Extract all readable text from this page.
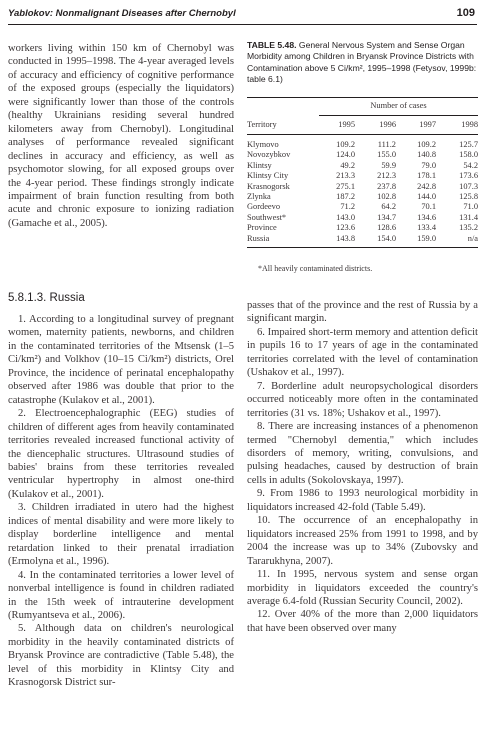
Yablokov: Nonmalignant Diseases after Chernobyl	109

workers living within 150 km of Chernobyl was conducted in 1995–1998. The 4-year averaged levels of accuracy and efficiency of cognitive performance of the exposed groups (especially the liquidators) were significantly lower than those of the controls (healthy Ukrainians residing several hundred kilometers away from Chernobyl). Longitudinal analyses of performance revealed significant declines in accuracy and efficiency, as well as psychomotor slowing, for all exposed groups over the 4-year period. These findings strongly indicate impairment of brain function resulting from both acute and chronic exposure to ionizing radiation (Gamache et al., 2005).

5.8.1.3. Russia

1. According to a longitudinal survey of pregnant women, maternity patients, newborns, and children in the contaminated territories of the Mtsensk (1–5 Ci/km²) and Volkhov (10–15 Ci/km²) districts, Orel Province, the incidence of perinatal encephalopathy observed after 1986 was double that prior to the catastrophe (Kulakov et al., 2001).

2. Electroencephalographic (EEG) studies of children of different ages from heavily contaminated territories revealed increased functional activity of the diencephalic structures. Ultrasound studies of babies' brains from these territories revealed ventricular hypertrophy in almost one-third (Kulakov et al., 2001).

3. Children irradiated in utero had the highest indices of mental disability and were more likely to display borderline intelligence and mental retardation linked to their prenatal irradiation (Ermolyna et al., 1996).

4. In the contaminated territories a lower level of nonverbal intelligence is found in children radiated in the 15th week of intrauterine development (Rumyantseva et al., 2006).

5. Although data on children's neurological morbidity in the heavily contaminated districts of Bryansk Province are contradictive (Table 5.48), the level of this morbidity in Klintsy City and Krasnogorsk District sur-

TABLE 5.48. General Nervous System and Sense Organ Morbidity among Children in Bryansk Province Districts with Contamination above 5 Ci/km², 1995–1998 (Fetysov, 1999b: table 6.1)
	Number of cases			
Territory	1995	1996	1997	1998
Klymovo	109.2	111.2	109.2	125.7
Novozybkov	124.0	155.0	140.8	158.0
Klintsy	49.2	59.9	79.0	54.2
Klintsy City	213.3	212.3	178.1	173.6
Krasnogorsk	275.1	237.8	242.8	107.3
Zlynka	187.2	102.8	144.0	125.8
Gordeevo	71.2	64.2	70.1	71.0
Southwest*	143.0	134.7	134.6	131.4
Province	123.6	128.6	133.4	135.2
Russia	143.8	154.0	159.0	n/a
*All heavily contaminated districts.

passes that of the province and the rest of Russia by a significant margin.

6. Impaired short-term memory and attention deficit in pupils 16 to 17 years of age in the contaminated territories correlated with the level of contamination (Ushakov et al., 1997).

7. Borderline adult neuropsychological disorders occurred noticeably more often in the contaminated territories (31 vs. 18%; Ushakov et al., 1997).

8. There are increasing instances of a phenomenon termed "Chernobyl dementia," which includes disorders of memory, writing, convulsions, and pulsing headaches, caused by destruction of brain cells in adults (Sokolovskaya, 1997).

9. From 1986 to 1993 neurological morbidity in liquidators increased 42-fold (Table 5.49).

10. The occurrence of an encephalopathy in liquidators increased 25% from 1991 to 1998, and by 2004 the increase was up to 34% (Zubovsky and Tararukhyna, 2007).

11. In 1995, nervous system and sense organ morbidity in liquidators exceeded the country's average 6.4-fold (Russian Security Council, 2002).

12. Over 40% of the more than 2,000 liquidators that have been observed over many
